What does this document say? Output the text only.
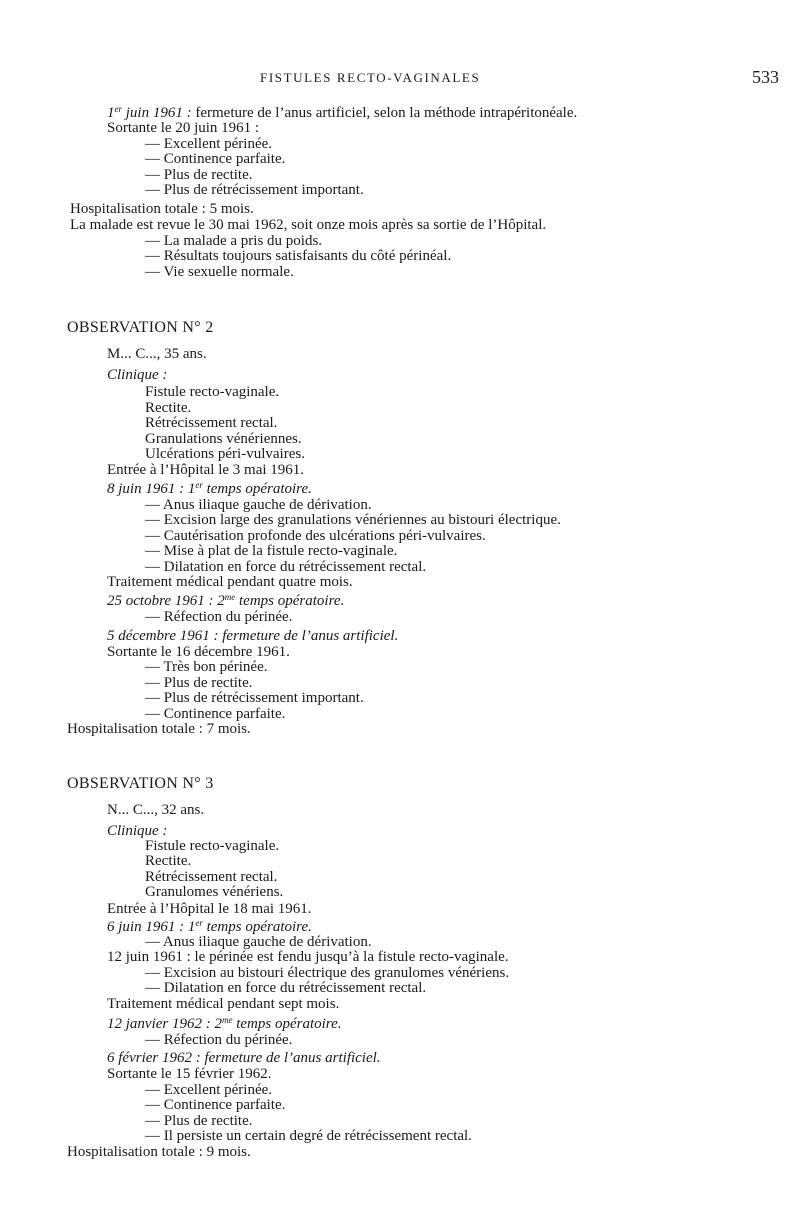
FISTULES RECTO-VAGINALES	533
1er juin 1961 : fermeture de l’anus artificiel, selon la méthode intrapéritonéale.
Sortante le 20 juin 1961 :
— Excellent périnée.
— Continence parfaite.
— Plus de rectite.
— Plus de rétrécissement important.
Hospitalisation totale : 5 mois.
La malade est revue le 30 mai 1962, soit onze mois après sa sortie de l’Hôpital.
— La malade a pris du poids.
— Résultats toujours satisfaisants du côté périnéal.
— Vie sexuelle normale.
OBSERVATION N° 2
M... C..., 35 ans.
Clinique :
Fistule recto-vaginale.
Rectite.
Rétrécissement rectal.
Granulations vénériennes.
Ulcérations péri-vulvaires.
Entrée à l’Hôpital le 3 mai 1961.
8 juin 1961 : 1er temps opératoire.
— Anus iliaque gauche de dérivation.
— Excision large des granulations vénériennes au bistouri électrique.
— Cautérisation profonde des ulcérations péri-vulvaires.
— Mise à plat de la fistule recto-vaginale.
— Dilatation en force du rétrécissement rectal.
Traitement médical pendant quatre mois.
25 octobre 1961 : $2^{me}$ temps opératoire.
— Réfection du périnée.
5 décembre 1961 : fermeture de l’anus artificiel.
Sortante le 16 décembre 1961.
— Très bon périnée.
— Plus de rectite.
— Plus de rétrécissement important.
— Continence parfaite.
Hospitalisation totale : 7 mois.
OBSERVATION N° 3
N... C..., 32 ans.
Clinique :
Fistule recto-vaginale.
Rectite.
Rétrécissement rectal.
Granulomes vénériens.
Entrée à l’Hôpital le 18 mai 1961.
6 juin 1961 : 1er temps opératoire.
— Anus iliaque gauche de dérivation.
12 juin 1961 : le périnée est fendu jusqu’à la fistule recto-vaginale.
— Excision au bistouri électrique des granulomes vénériens.
— Dilatation en force du rétrécissement rectal.
Traitement médical pendant sept mois.
12 janvier 1962 : $2^{me}$ temps opératoire.
— Réfection du périnée.
6 février 1962 : fermeture de l’anus artificiel.
Sortante le 15 février 1962.
— Excellent périnée.
— Continence parfaite.
— Plus de rectite.
— Il persiste un certain degré de rétrécissement rectal.
Hospitalisation totale : 9 mois.
